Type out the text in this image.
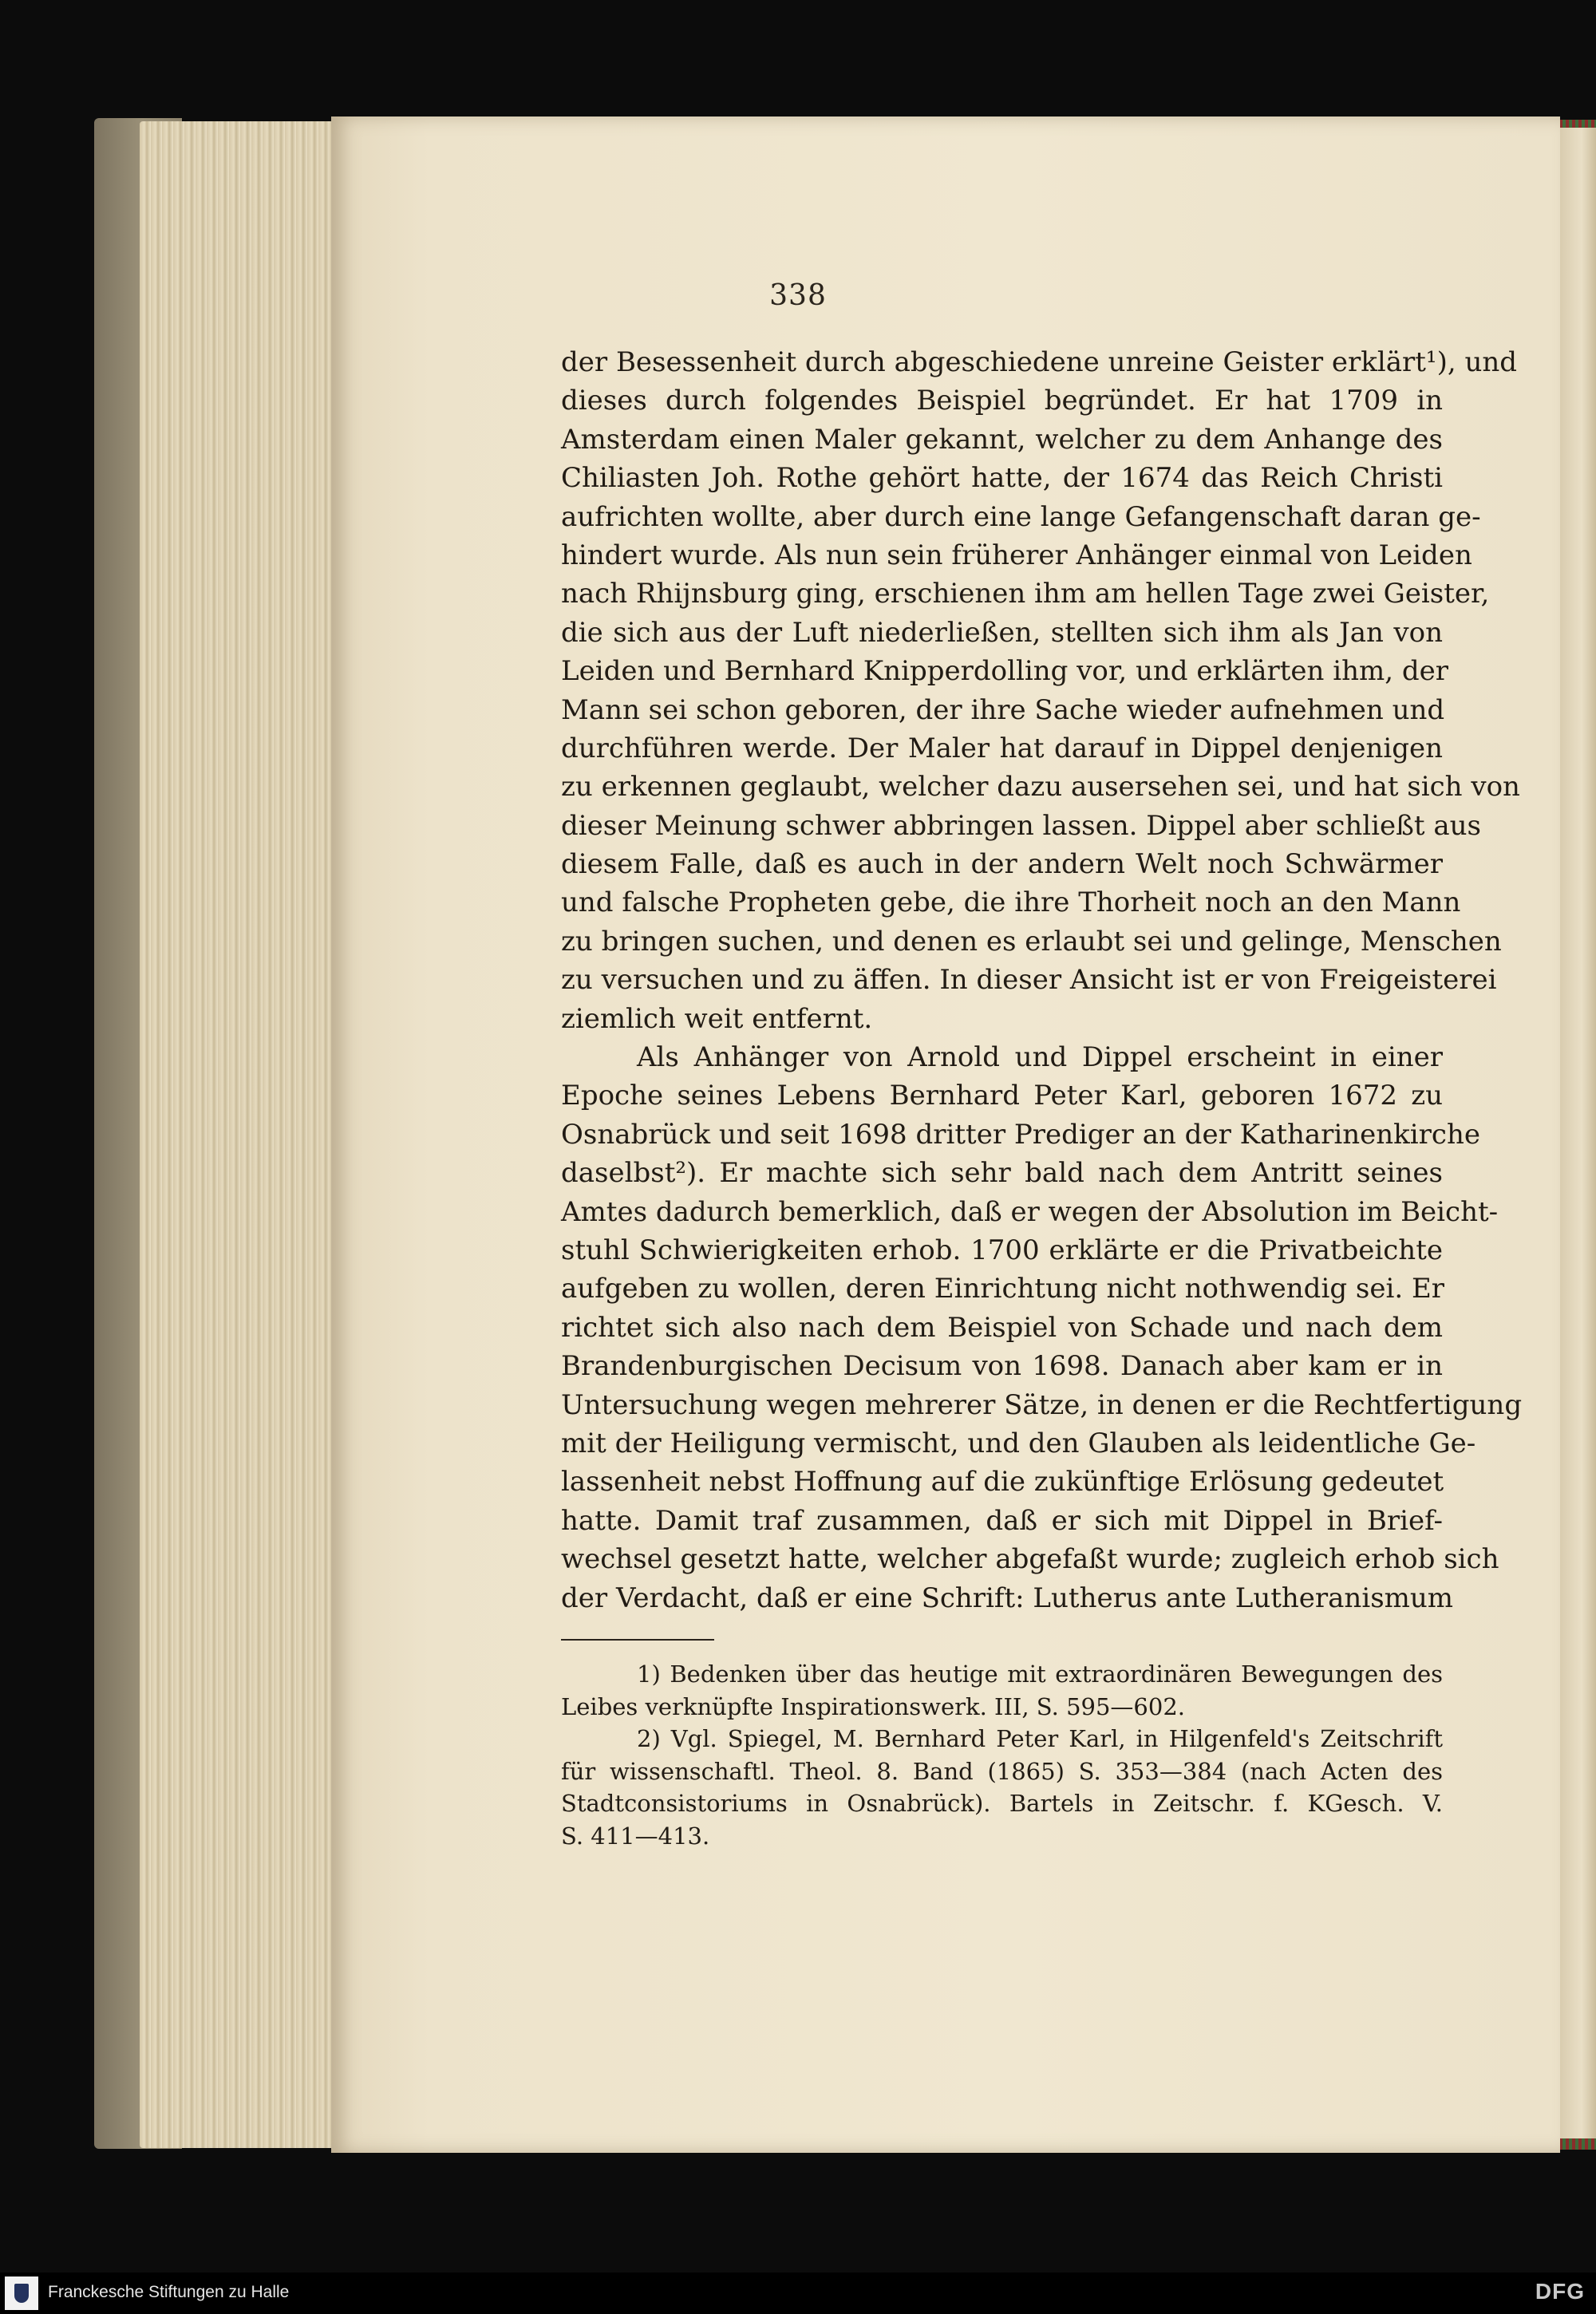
338
der Besessenheit durch abgeschiedene unreine Geister erklärt¹), und
dieses durch folgendes Beispiel begründet. Er hat 1709 in
Amsterdam einen Maler gekannt, welcher zu dem Anhange des
Chiliasten Joh. Rothe gehört hatte, der 1674 das Reich Christi
aufrichten wollte, aber durch eine lange Gefangenschaft daran ge-
hindert wurde. Als nun sein früherer Anhänger einmal von Leiden
nach Rhijnsburg ging, erschienen ihm am hellen Tage zwei Geister,
die sich aus der Luft niederließen, stellten sich ihm als Jan von
Leiden und Bernhard Knipperdolling vor, und erklärten ihm, der
Mann sei schon geboren, der ihre Sache wieder aufnehmen und
durchführen werde. Der Maler hat darauf in Dippel denjenigen
zu erkennen geglaubt, welcher dazu ausersehen sei, und hat sich von
dieser Meinung schwer abbringen lassen. Dippel aber schließt aus
diesem Falle, daß es auch in der andern Welt noch Schwärmer
und falsche Propheten gebe, die ihre Thorheit noch an den Mann
zu bringen suchen, und denen es erlaubt sei und gelinge, Menschen
zu versuchen und zu äffen. In dieser Ansicht ist er von Freigeisterei
ziemlich weit entfernt.
Als Anhänger von Arnold und Dippel erscheint in einer
Epoche seines Lebens Bernhard Peter Karl, geboren 1672 zu
Osnabrück und seit 1698 dritter Prediger an der Katharinenkirche
daselbst²). Er machte sich sehr bald nach dem Antritt seines
Amtes dadurch bemerklich, daß er wegen der Absolution im Beicht-
stuhl Schwierigkeiten erhob. 1700 erklärte er die Privatbeichte
aufgeben zu wollen, deren Einrichtung nicht nothwendig sei. Er
richtet sich also nach dem Beispiel von Schade und nach dem
Brandenburgischen Decisum von 1698. Danach aber kam er in
Untersuchung wegen mehrerer Sätze, in denen er die Rechtfertigung
mit der Heiligung vermischt, und den Glauben als leidentliche Ge-
lassenheit nebst Hoffnung auf die zukünftige Erlösung gedeutet
hatte. Damit traf zusammen, daß er sich mit Dippel in Brief-
wechsel gesetzt hatte, welcher abgefaßt wurde; zugleich erhob sich
der Verdacht, daß er eine Schrift: Lutherus ante Lutheranismum
1) Bedenken über das heutige mit extraordinären Bewegungen des
Leibes verknüpfte Inspirationswerk. III, S. 595—602.
2) Vgl. Spiegel, M. Bernhard Peter Karl, in Hilgenfeld's Zeitschrift
für wissenschaftl. Theol. 8. Band (1865) S. 353—384 (nach Acten des
Stadtconsistoriums in Osnabrück). Bartels in Zeitschr. f. KGesch. V.
S. 411—413.
Franckesche Stiftungen zu Halle	DFG
